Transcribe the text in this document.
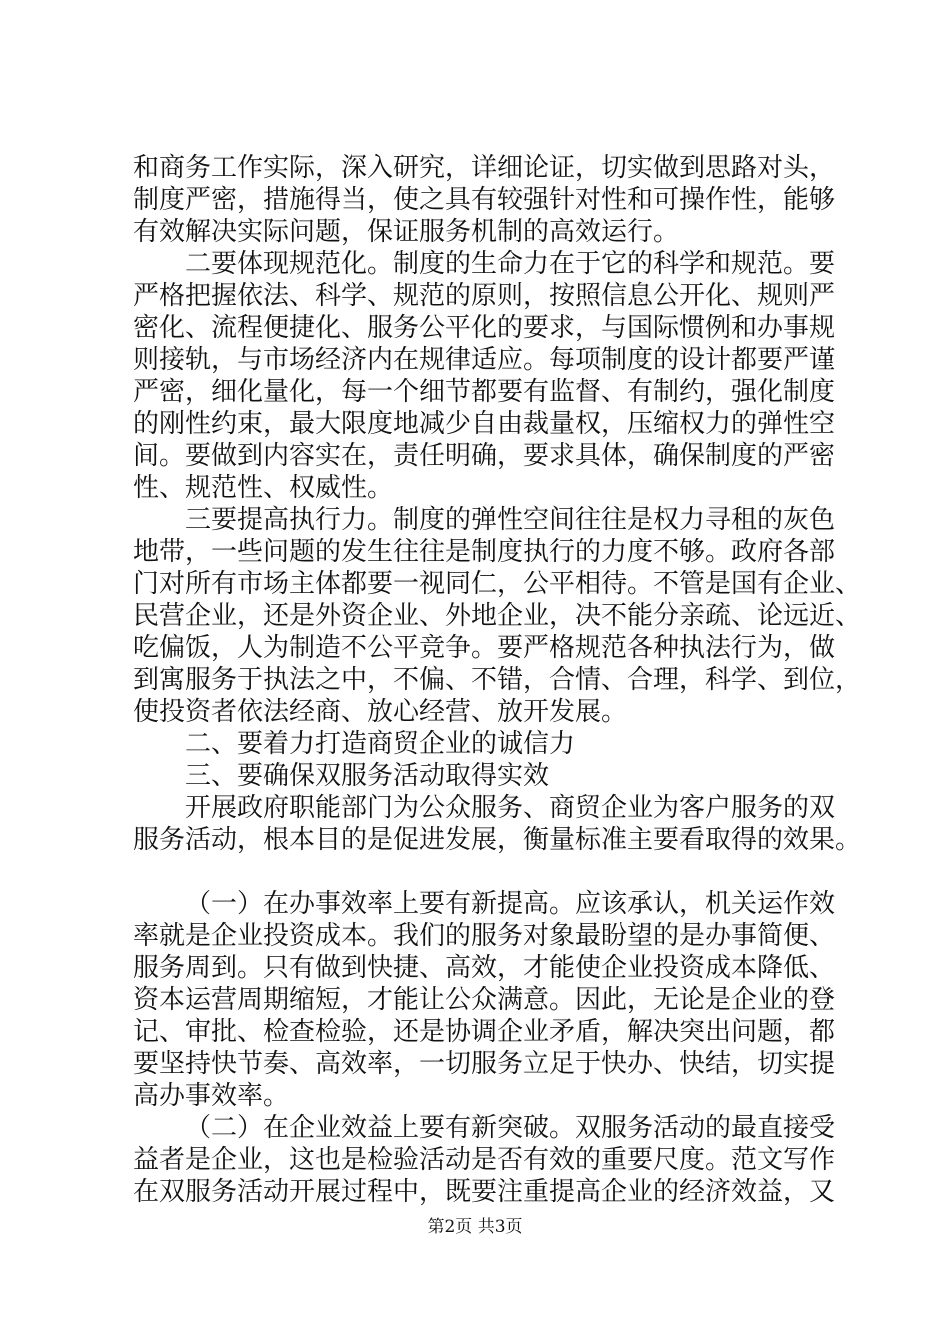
和商务工作实际，深入研究，详细论证，切实做到思路对头，
制度严密，措施得当，使之具有较强针对性和可操作性，能够
有效解决实际问题，保证服务机制的高效运行。
二要体现规范化。制度的生命力在于它的科学和规范。要
严格把握依法、科学、规范的原则，按照信息公开化、规则严
密化、流程便捷化、服务公平化的要求，与国际惯例和办事规
则接轨，与市场经济内在规律适应。每项制度的设计都要严谨
严密，细化量化，每一个细节都要有监督、有制约，强化制度
的刚性约束，最大限度地减少自由裁量权，压缩权力的弹性空
间。要做到内容实在，责任明确，要求具体，确保制度的严密
性、规范性、权威性。
三要提高执行力。制度的弹性空间往往是权力寻租的灰色
地带，一些问题的发生往往是制度执行的力度不够。政府各部
门对所有市场主体都要一视同仁，公平相待。不管是国有企业、
民营企业，还是外资企业、外地企业，决不能分亲疏、论远近、
吃偏饭，人为制造不公平竞争。要严格规范各种执法行为，做
到寓服务于执法之中，不偏、不错，合情、合理，科学、到位，
使投资者依法经商、放心经营、放开发展。
二、要着力打造商贸企业的诚信力
三、要确保双服务活动取得实效
开展政府职能部门为公众服务、商贸企业为客户服务的双
服务活动，根本目的是促进发展，衡量标准主要看取得的效果。
（一）在办事效率上要有新提高。应该承认，机关运作效
率就是企业投资成本。我们的服务对象最盼望的是办事简便、
服务周到。只有做到快捷、高效，才能使企业投资成本降低、
资本运营周期缩短，才能让公众满意。因此，无论是企业的登
记、审批、检查检验，还是协调企业矛盾，解决突出问题，都
要坚持快节奏、高效率，一切服务立足于快办、快结，切实提
高办事效率。
（二）在企业效益上要有新突破。双服务活动的最直接受
益者是企业，这也是检验活动是否有效的重要尺度。范文写作
在双服务活动开展过程中，既要注重提高企业的经济效益，又
第2页 共3页
